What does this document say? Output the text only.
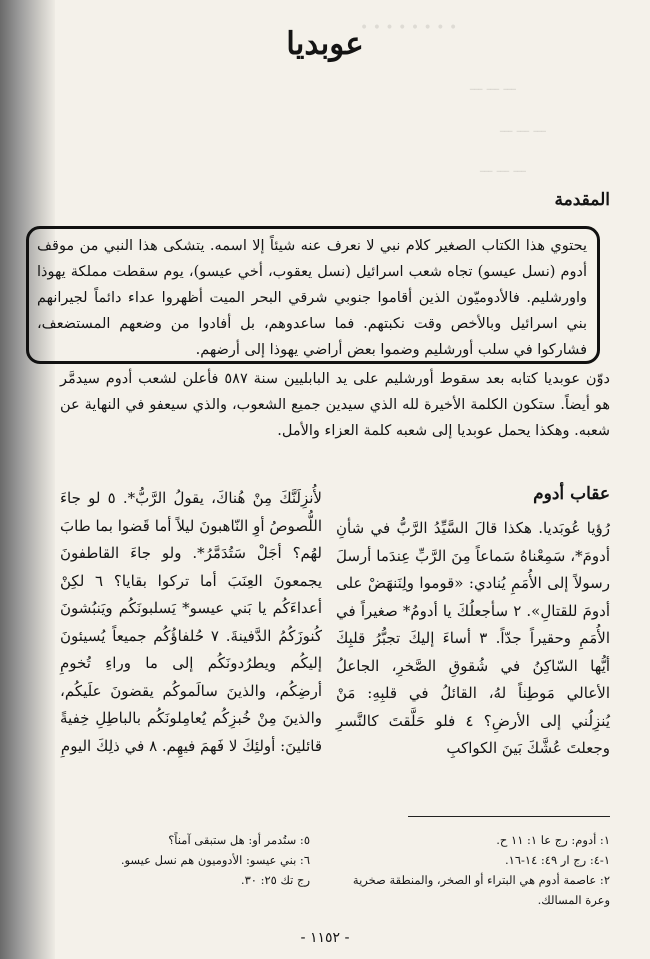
• • • • • • • •
ـــ ـــ ـــ
ـــ ـــ ـــ
ـــ ـــ ـــ
عوبديا
المقدمة

يحتوي هذا الكتاب الصغير كلام نبي لا نعرف عنه شيئاً إلا اسمه. يتشكى هذا النبي من موقف أدوم (نسل عيسو) تجاه شعب اسرائيل (نسل يعقوب، أخي عيسو)، يوم سقطت مملكة يهوذا واورشليم. فالأدوميّون الذين أقاموا جنوبي شرقي البحر الميت أظهروا عداء دائماً لجيرانهم بني اسرائيل وبالأخص وقت نكبتهم. فما ساعدوهم، بل أفادوا من وضعهم المستضعف، فشاركوا في سلب أورشليم وضموا بعض أراضي يهوذا إلى أرضهم.

دوّن عوبديا كتابه بعد سقوط أورشليم على يد البابليين سنة ٥٨٧ فأعلن لشعب أدوم سيدمَّر هو أيضاً. ستكون الكلمة الأخيرة لله الذي سيدين جميع الشعوب، والذي سيعفو في النهاية عن شعبه. وهكذا يحمل عوبديا إلى شعبه كلمة العزاء والأمل.

عقاب أدوم

رُؤيا عُوبَديا. هكذا قالَ السَّيِّدُ الرَّبُّ في شأنِ أدومَ*، سَمِعْناهُ سَماعاً مِنَ الرَّبِّ عِندَما أرسلَ رسولاً إلى الأُمَمِ يُنادي: «قوموا ولِنَنهَضْ على أدومَ للقتالِ». ٢ سأجعلُكَ يا أدومُ* صغيراً في الأُمَمِ وحقيراً جدّاً. ٣ أساءَ إليكَ تجبُّرُ قلبِكَ أيُّها السّاكِنُ في شُقوقِ الصَّخرِ، الجاعلُ الأعالي مَوطِناً لهُ، القائلُ في قلبِهِ: مَنْ يُنزِلُني إلى الأرضِ؟ ٤ فلو حَلَّقتَ كالنَّسرِ وجعلتَ عُشَّكَ بَينَ الكواكبِ

لأُنزِلَنَّكَ مِنْ هُناكَ، يقولُ الرَّبُّ*. ٥ لو جاءَ اللُّصوصُ أوِ النّاهبونَ ليلاً أما قَضوا بما طابَ لهُم؟ أجَلْ سَتُدَمَّرُ*. ولو جاءَ القاطفونَ يجمعونَ العِنَبَ أما تركوا بقايا؟ ٦ لكِنْ أعداءَكُم يا بَني عيسو* يَسلبونَكُم ويَنبُشونَ كُنوزَكُمُ الدَّفينةَ. ٧ حُلفاؤُكُم جميعاً يُسيئونَ إليكُم ويطرُدونَكُم إلى ما وراءِ تُخومِ أرضِكُم، والذينَ سالَموكُم يقضونَ علَيكُم، والذينَ مِنْ خُبزِكُم يُعامِلونَكُم بالباطِلِ خِفيةً قائلينَ: أولئِكَ لا فَهمَ فيهِم. ٨ في ذلِكَ اليومِ

١: أدوم: رج عا ١: ١١ ح.
١-٤: رج ار ٤٩: ١٤-١٦.
٢: عاصمة أدوم هي البتراء أو الصخر، والمنطقة صخرية
وعرة المسالك.
٥: ستُدمر أو: هل ستبقى آمناً؟
٦: بني عيسو: الأدوميون هم نسل عيسو.
رج تك ٢٥: ٣٠.
- ١١٥٢ -
